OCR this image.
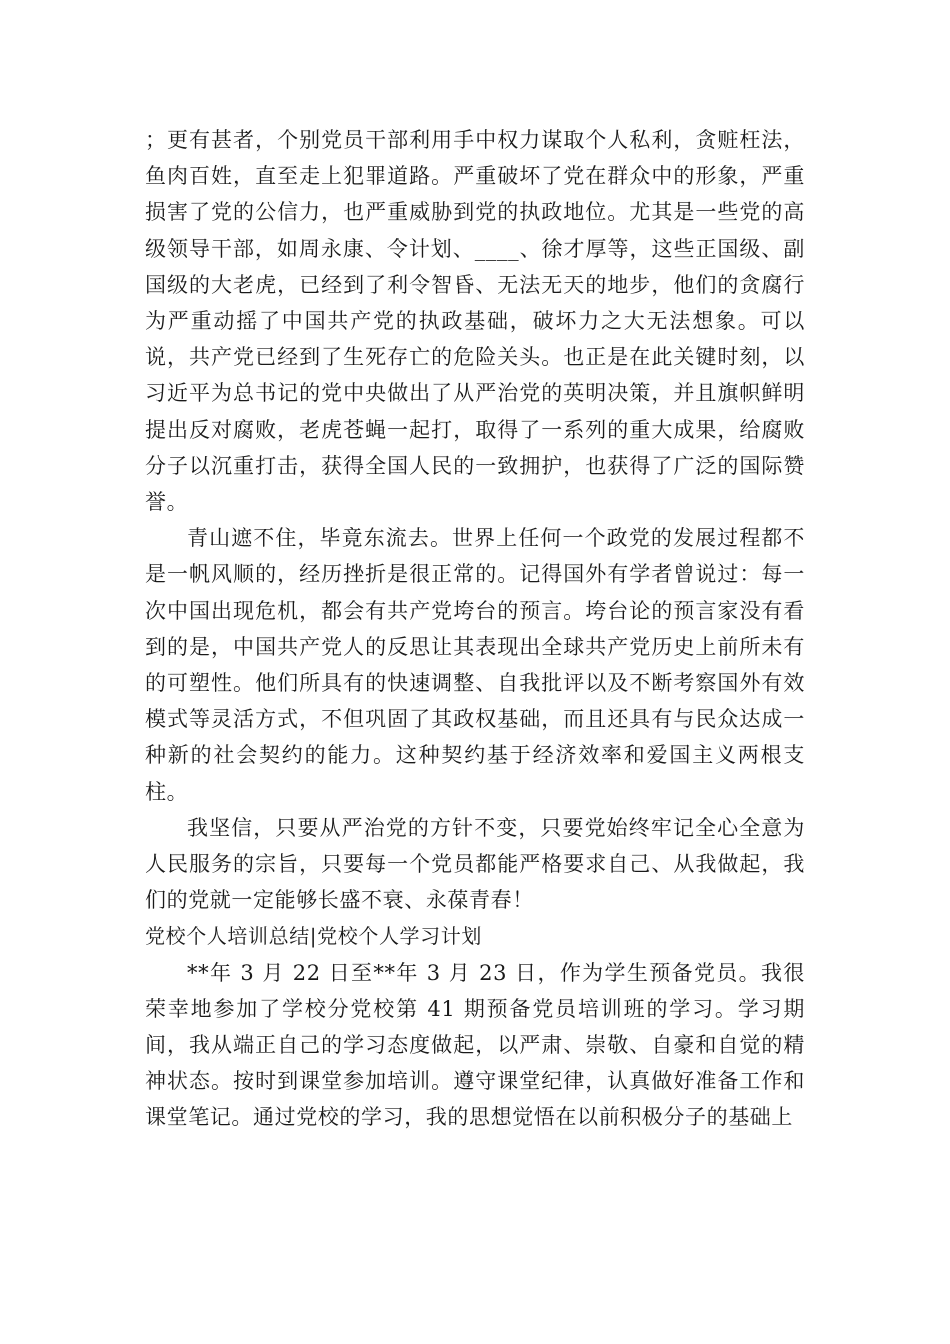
；更有甚者，个别党员干部利用手中权力谋取个人私利，贪赃枉法，鱼肉百姓，直至走上犯罪道路。严重破坏了党在群众中的形象，严重损害了党的公信力，也严重威胁到党的执政地位。尤其是一些党的高级领导干部，如周永康、令计划、____、徐才厚等，这些正国级、副国级的大老虎，已经到了利令智昏、无法无天的地步，他们的贪腐行为严重动摇了中国共产党的执政基础，破坏力之大无法想象。可以说，共产党已经到了生死存亡的危险关头。也正是在此关键时刻，以习近平为总书记的党中央做出了从严治党的英明决策，并且旗帜鲜明提出反对腐败，老虎苍蝇一起打，取得了一系列的重大成果，给腐败分子以沉重打击，获得全国人民的一致拥护，也获得了广泛的国际赞誉。

青山遮不住，毕竟东流去。世界上任何一个政党的发展过程都不是一帆风顺的，经历挫折是很正常的。记得国外有学者曾说过：每一次中国出现危机，都会有共产党垮台的预言。垮台论的预言家没有看到的是，中国共产党人的反思让其表现出全球共产党历史上前所未有的可塑性。他们所具有的快速调整、自我批评以及不断考察国外有效模式等灵活方式，不但巩固了其政权基础，而且还具有与民众达成一种新的社会契约的能力。这种契约基于经济效率和爱国主义两根支柱。

我坚信，只要从严治党的方针不变，只要党始终牢记全心全意为人民服务的宗旨，只要每一个党员都能严格要求自己、从我做起，我们的党就一定能够长盛不衰、永葆青春！

党校个人培训总结|党校个人学习计划

**年 3 月 22 日至**年 3 月 23 日，作为学生预备党员。我很荣幸地参加了学校分党校第 41 期预备党员培训班的学习。学习期间，我从端正自己的学习态度做起，以严肃、崇敬、自豪和自觉的精神状态。按时到课堂参加培训。遵守课堂纪律，认真做好准备工作和课堂笔记。通过党校的学习，我的思想觉悟在以前积极分子的基础上
